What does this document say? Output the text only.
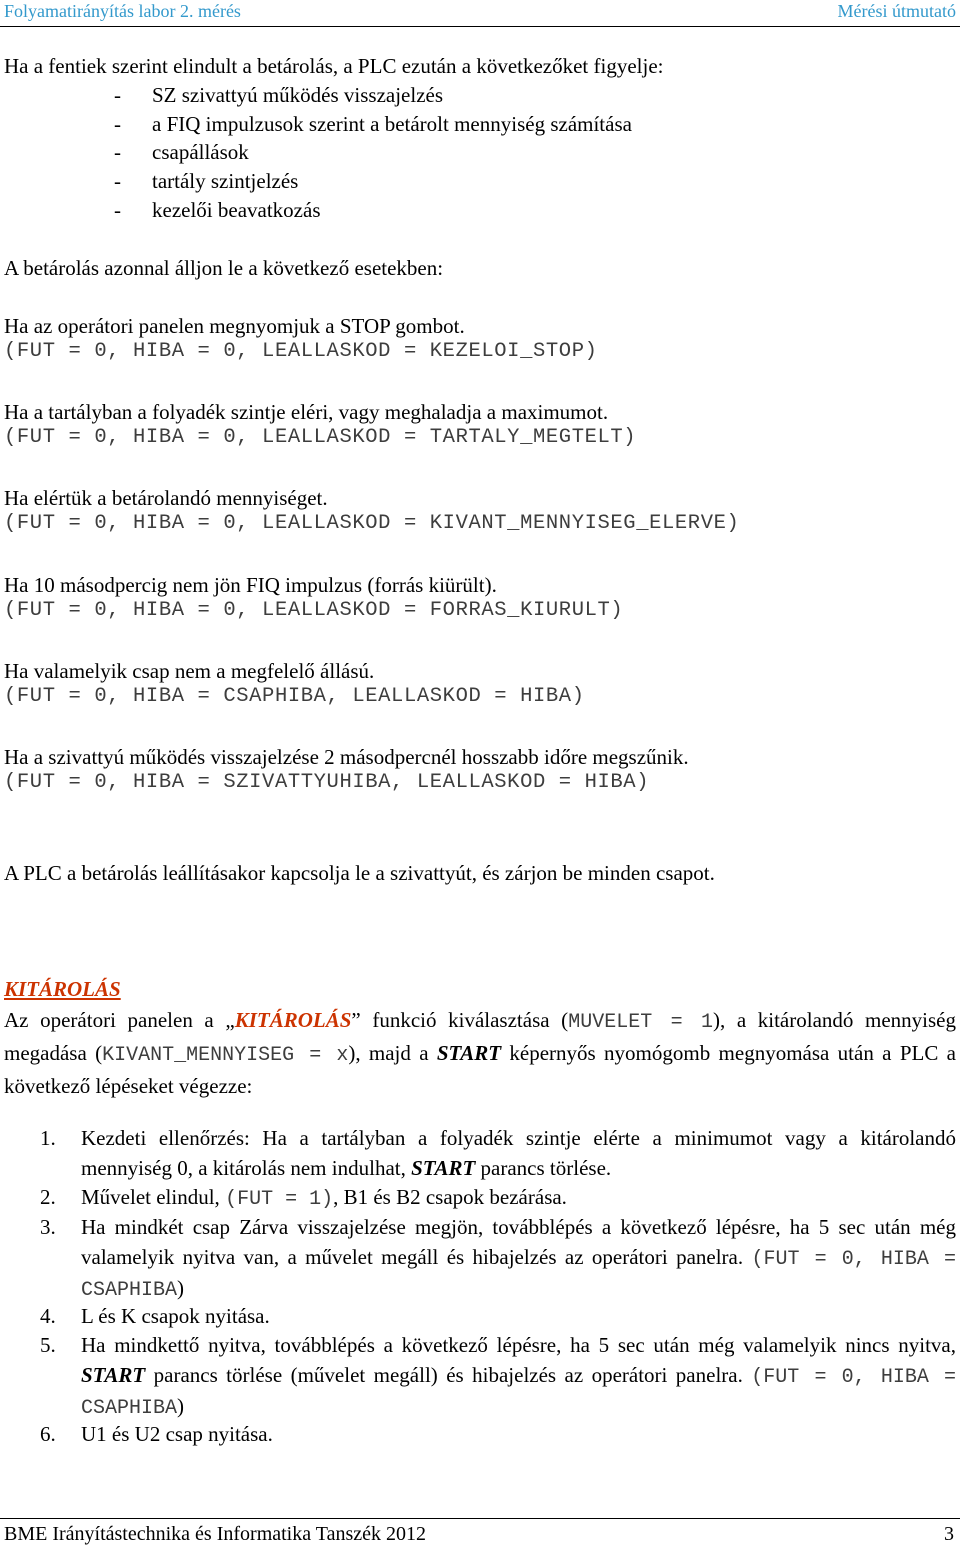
Folyamatirányítás labor 2. mérés	Mérési útmutató
Ha a fentiek szerint elindult a betárolás, a PLC ezután a következőket figyelje:
- SZ szivattyú működés visszajelzés
- a FIQ impulzusok szerint a betárolt mennyiség számítása
- csapállások
- tartály szintjelzés
- kezelői beavatkozás
A betárolás azonnal álljon le a következő esetekben:
Ha az operátori panelen megnyomjuk a STOP gombot.
(FUT = 0, HIBA = 0, LEALLASKOD = KEZELOI_STOP)
Ha a tartályban a folyadék szintje eléri, vagy meghaladja a maximumot.
(FUT = 0, HIBA = 0, LEALLASKOD = TARTALY_MEGTELT)
Ha elértük a betárolandó mennyiséget.
(FUT = 0, HIBA = 0, LEALLASKOD = KIVANT_MENNYISEG_ELERVE)
Ha 10 másodpercig nem jön FIQ impulzus (forrás kiürült).
(FUT = 0, HIBA = 0, LEALLASKOD = FORRAS_KIURULT)
Ha valamelyik csap nem a megfelelő állású.
(FUT = 0, HIBA = CSAPHIBA, LEALLASKOD = HIBA)
Ha a szivattyú működés visszajelzése 2 másodpercnél hosszabb időre megszűnik.
(FUT = 0, HIBA = SZIVATTYUHIBA, LEALLASKOD = HIBA)
A PLC a betárolás leállításakor kapcsolja le a szivattyút, és zárjon be minden csapot.
KITÁROLÁS
Az operátori panelen a „KITÁROLÁS” funkció kiválasztása (MUVELET = 1), a kitárolandó mennyiség megadása (KIVANT_MENNYISEG = x), majd a START képernyős nyomógomb megnyomása után a PLC a következő lépéseket végezze:
1. Kezdeti ellenőrzés: Ha a tartályban a folyadék szintje elérte a minimumot vagy a kitárolandó mennyiség 0, a kitárolás nem indulhat, START parancs törlése.
2. Művelet elindul, (FUT = 1), B1 és B2 csapok bezárása.
3. Ha mindkét csap Zárva visszajelzése megjön, továbblépés a következő lépésre, ha 5 sec után még valamelyik nyitva van, a művelet megáll és hibajelzés az operátori panelra. (FUT = 0, HIBA = CSAPHIBA)
4. L és K csapok nyitása.
5. Ha mindkettő nyitva, továbblépés a következő lépésre, ha 5 sec után még valamelyik nincs nyitva, START parancs törlése (művelet megáll) és hibajelzés az operátori panelra. (FUT = 0, HIBA = CSAPHIBA)
6. U1 és U2 csap nyitása.
BME Irányítástechnika és Informatika Tanszék 2012	3
